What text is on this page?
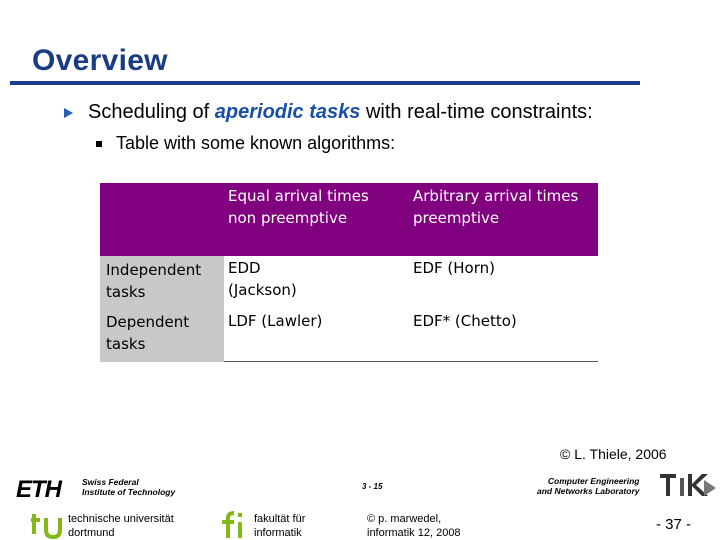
Overview
Scheduling of aperiodic tasks with real-time constraints:
Table with some known algorithms:
Equal arrival times
non preemptive
Arbitrary arrival times
preemptive
Independent
tasks
EDD
(Jackson)
EDF (Horn)
Dependent
tasks
LDF (Lawler)	EDF* (Chetto)
© L. Thiele, 2006
ETH Swiss Federal
Institute of Technology
3 - 15
Computer Engineering
and Networks Laboratory
technische universität
dortmund
fakultät für
informatik
© p. marwedel,
informatik 12, 2008	- 37 -
